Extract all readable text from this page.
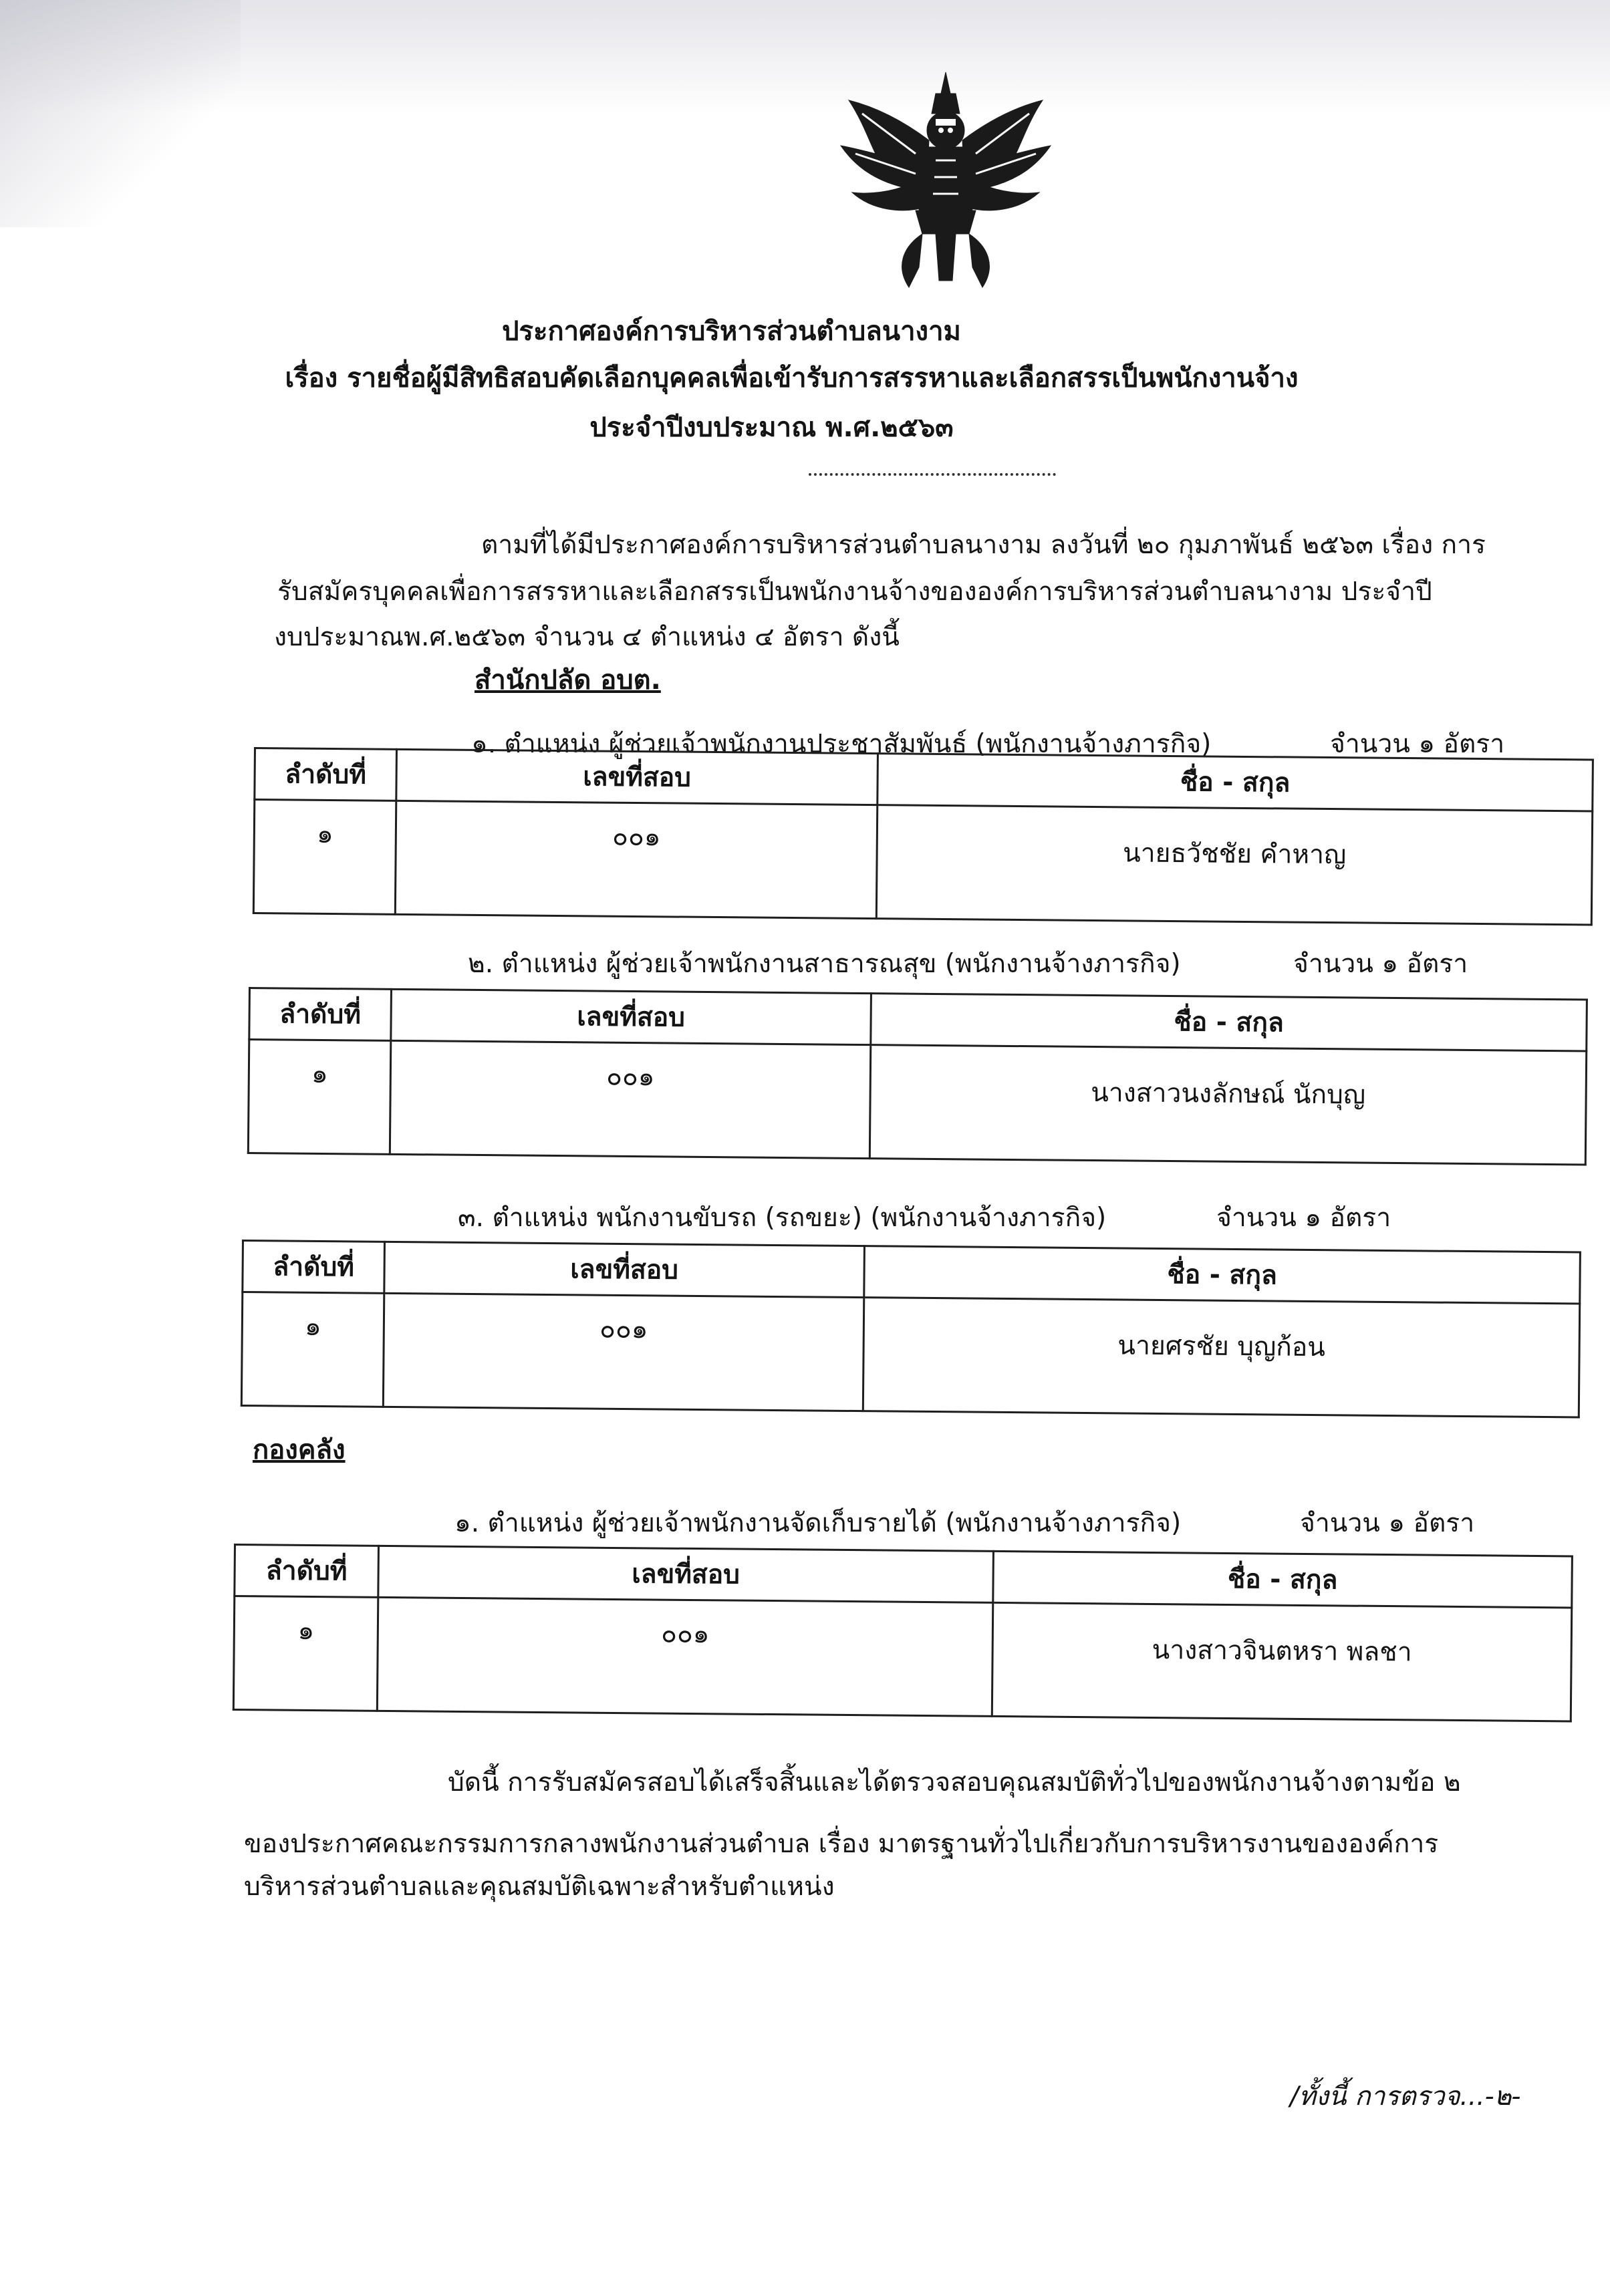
ประกาศองค์การบริหารส่วนตำบลนางาม
เรื่อง รายชื่อผู้มีสิทธิสอบคัดเลือกบุคคลเพื่อเข้ารับการสรรหาและเลือกสรรเป็นพนักงานจ้าง
ประจำปีงบประมาณ พ.ศ.๒๕๖๓
ตามที่ได้มีประกาศองค์การบริหารส่วนตำบลนางาม ลงวันที่ ๒๐ กุมภาพันธ์ ๒๕๖๓ เรื่อง การ
รับสมัครบุคคลเพื่อการสรรหาและเลือกสรรเป็นพนักงานจ้างขององค์การบริหารส่วนตำบลนางาม ประจำปี
งบประมาณพ.ศ.๒๕๖๓ จำนวน ๔ ตำแหน่ง ๔ อัตรา ดังนี้
สำนักปลัด อบต.
๑. ตำแหน่ง ผู้ช่วยเจ้าพนักงานประชาสัมพันธ์ (พนักงานจ้างภารกิจ)	จำนวน ๑ อัตรา
ลำดับที่	เลขที่สอบ	ชื่อ - สกุล
๑	๐๐๑	นายธวัชชัย คำหาญ
๒. ตำแหน่ง ผู้ช่วยเจ้าพนักงานสาธารณสุข (พนักงานจ้างภารกิจ)	จำนวน ๑ อัตรา
ลำดับที่	เลขที่สอบ	ชื่อ - สกุล
๑	๐๐๑	นางสาวนงลักษณ์ นักบุญ
๓. ตำแหน่ง พนักงานขับรถ (รถขยะ) (พนักงานจ้างภารกิจ)	จำนวน ๑ อัตรา
ลำดับที่	เลขที่สอบ	ชื่อ - สกุล
๑	๐๐๑	นายศรชัย บุญก้อน
กองคลัง
๑. ตำแหน่ง ผู้ช่วยเจ้าพนักงานจัดเก็บรายได้ (พนักงานจ้างภารกิจ)	จำนวน ๑ อัตรา
ลำดับที่	เลขที่สอบ	ชื่อ - สกุล
๑	๐๐๑	นางสาวจินตหรา พลชา
บัดนี้ การรับสมัครสอบได้เสร็จสิ้นและได้ตรวจสอบคุณสมบัติทั่วไปของพนักงานจ้างตามข้อ ๒
ของประกาศคณะกรรมการกลางพนักงานส่วนตำบล เรื่อง มาตรฐานทั่วไปเกี่ยวกับการบริหารงานขององค์การ
บริหารส่วนตำบลและคุณสมบัติเฉพาะสำหรับตำแหน่ง
/ทั้งนี้ การตรวจ...-๒-
